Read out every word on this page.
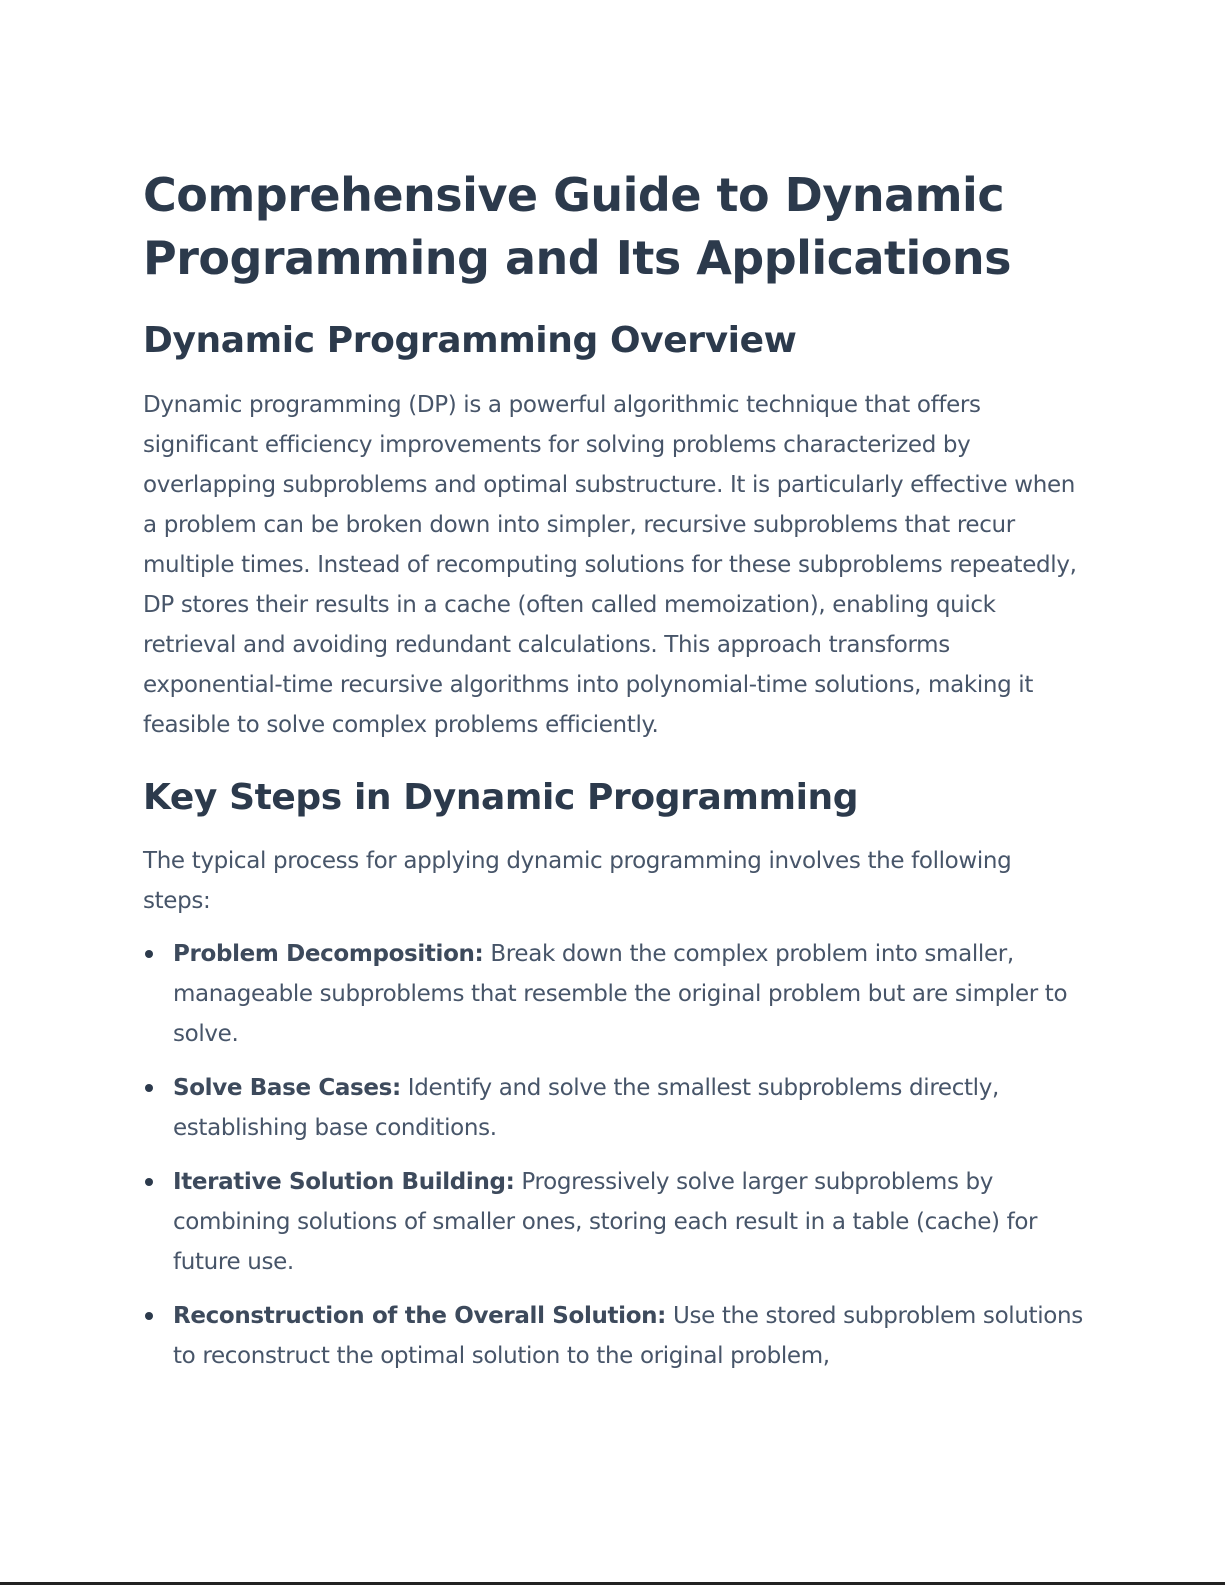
Comprehensive Guide to Dynamic Programming and Its Applications
Dynamic Programming Overview

Dynamic programming (DP) is a powerful algorithmic technique that offers significant efficiency improvements for solving problems characterized by overlapping subproblems and optimal substructure. It is particularly effective when a problem can be broken down into simpler, recursive subproblems that recur multiple times. Instead of recomputing solutions for these subproblems repeatedly, DP stores their results in a cache (often called memoization), enabling quick retrieval and avoiding redundant calculations. This approach transforms exponential-time recursive algorithms into polynomial-time solutions, making it feasible to solve complex problems efficiently.

Key Steps in Dynamic Programming

The typical process for applying dynamic programming involves the following steps:

Problem Decomposition: Break down the complex problem into smaller, manageable subproblems that resemble the original problem but are simpler to solve.
Solve Base Cases: Identify and solve the smallest subproblems directly, establishing base conditions.
Iterative Solution Building: Progressively solve larger subproblems by combining solutions of smaller ones, storing each result in a table (cache) for future use.
Reconstruction of the Overall Solution: Use the stored subproblem solutions to reconstruct the optimal solution to the original problem,
